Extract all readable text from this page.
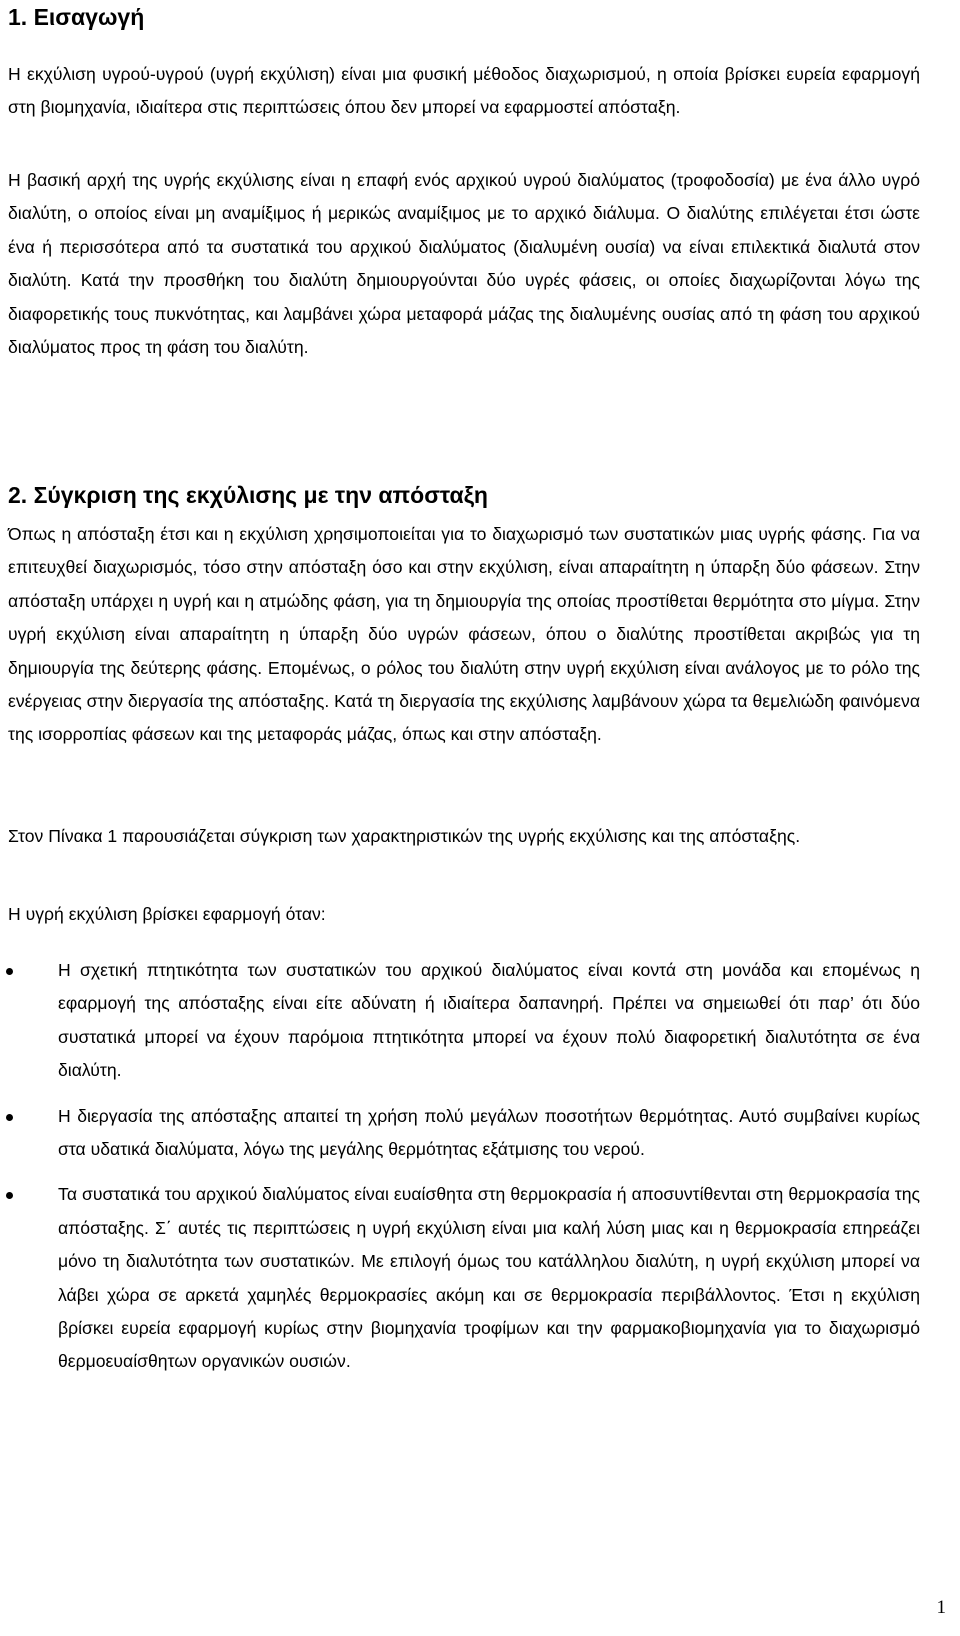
1. Εισαγωγή

Η εκχύλιση υγρού-υγρού (υγρή εκχύλιση) είναι μια φυσική μέθοδος διαχωρισμού, η οποία βρίσκει ευρεία εφαρμογή στη βιομηχανία, ιδιαίτερα στις περιπτώσεις όπου δεν μπορεί να εφαρμοστεί απόσταξη.

Η βασική αρχή της υγρής εκχύλισης είναι η επαφή ενός αρχικού υγρού διαλύματος (τροφοδοσία) με ένα άλλο υγρό διαλύτη, ο οποίος είναι μη αναμίξιμος ή μερικώς αναμίξιμος με το αρχικό διάλυμα. Ο διαλύτης επιλέγεται έτσι ώστε ένα ή περισσότερα από τα συστατικά του αρχικού διαλύματος (διαλυμένη ουσία) να είναι επιλεκτικά διαλυτά στον διαλύτη. Κατά την προσθήκη του διαλύτη δημιουργούνται δύο υγρές φάσεις, οι οποίες διαχωρίζονται λόγω της διαφορετικής τους πυκνότητας, και λαμβάνει χώρα μεταφορά μάζας της διαλυμένης ουσίας από τη φάση του αρχικού διαλύματος προς τη φάση του διαλύτη.

2. Σύγκριση της εκχύλισης με την απόσταξη

Όπως η απόσταξη έτσι και η εκχύλιση χρησιμοποιείται για το διαχωρισμό των συστατικών μιας υγρής φάσης. Για να επιτευχθεί διαχωρισμός, τόσο στην απόσταξη όσο και στην εκχύλιση, είναι απαραίτητη η ύπαρξη δύο φάσεων. Στην απόσταξη υπάρχει η υγρή και η ατμώδης φάση, για τη δημιουργία της οποίας προστίθεται θερμότητα στο μίγμα. Στην υγρή εκχύλιση είναι απαραίτητη η ύπαρξη δύο υγρών φάσεων, όπου ο διαλύτης προστίθεται ακριβώς για τη δημιουργία της δεύτερης φάσης. Επομένως, ο ρόλος του διαλύτη στην υγρή εκχύλιση είναι ανάλογος με το ρόλο της ενέργειας στην διεργασία της απόσταξης. Κατά τη διεργασία της εκχύλισης λαμβάνουν χώρα τα θεμελιώδη φαινόμενα της ισορροπίας φάσεων και της μεταφοράς μάζας, όπως και στην απόσταξη.

Στον Πίνακα 1 παρουσιάζεται σύγκριση των χαρακτηριστικών της υγρής εκχύλισης και της απόσταξης.

Η υγρή εκχύλιση βρίσκει εφαρμογή όταν:

Η σχετική πτητικότητα των συστατικών του αρχικού διαλύματος είναι κοντά στη μονάδα και επομένως η εφαρμογή της απόσταξης είναι είτε αδύνατη ή ιδιαίτερα δαπανηρή. Πρέπει να σημειωθεί ότι παρ’ ότι δύο συστατικά μπορεί να έχουν παρόμοια πτητικότητα μπορεί να έχουν πολύ διαφορετική διαλυτότητα σε ένα διαλύτη.
Η διεργασία της απόσταξης απαιτεί τη χρήση πολύ μεγάλων ποσοτήτων θερμότητας. Αυτό συμβαίνει κυρίως στα υδατικά διαλύματα, λόγω της μεγάλης θερμότητας εξάτμισης του νερού.
Τα συστατικά του αρχικού διαλύματος είναι ευαίσθητα στη θερμοκρασία ή αποσυντίθενται στη θερμοκρασία της απόσταξης. Σ΄ αυτές τις περιπτώσεις η υγρή εκχύλιση είναι μια καλή λύση μιας και η θερμοκρασία επηρεάζει μόνο τη διαλυτότητα των συστατικών. Με επιλογή όμως του κατάλληλου διαλύτη, η υγρή εκχύλιση μπορεί να λάβει χώρα σε αρκετά χαμηλές θερμοκρασίες ακόμη και σε θερμοκρασία περιβάλλοντος. Έτσι η εκχύλιση βρίσκει ευρεία εφαρμογή κυρίως στην βιομηχανία τροφίμων και την φαρμακοβιομηχανία για το διαχωρισμό θερμοευαίσθητων οργανικών ουσιών.
1
